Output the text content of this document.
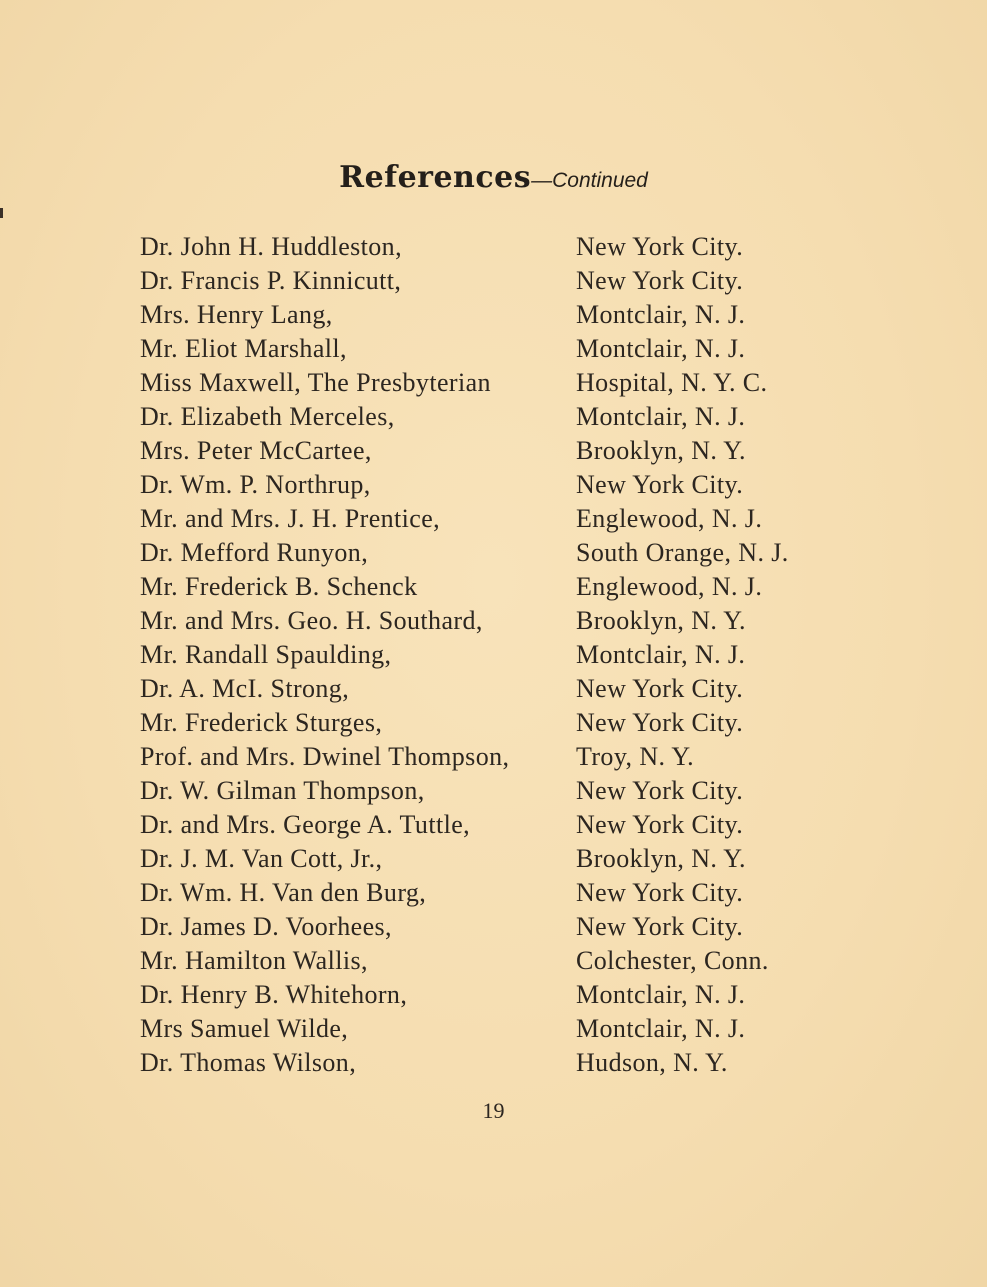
References—Continued
Dr. John H. Huddleston,	New York City.
Dr. Francis P. Kinnicutt,	New York City.
Mrs. Henry Lang,	Montclair, N. J.
Mr. Eliot Marshall,	Montclair, N. J.
Miss Maxwell, The Presbyterian	Hospital, N. Y. C.
Dr. Elizabeth Merceles,	Montclair, N. J.
Mrs. Peter McCartee,	Brooklyn, N. Y.
Dr. Wm. P. Northrup,	New York City.
Mr. and Mrs. J. H. Prentice,	Englewood, N. J.
Dr. Mefford Runyon,	South Orange, N. J.
Mr. Frederick B. Schenck	Englewood, N. J.
Mr. and Mrs. Geo. H. Southard,	Brooklyn, N. Y.
Mr. Randall Spaulding,	Montclair, N. J.
Dr. A. McI. Strong,	New York City.
Mr. Frederick Sturges,	New York City.
Prof. and Mrs. Dwinel Thompson,	Troy, N. Y.
Dr. W. Gilman Thompson,	New York City.
Dr. and Mrs. George A. Tuttle,	New York City.
Dr. J. M. Van Cott, Jr.,	Brooklyn, N. Y.
Dr. Wm. H. Van den Burg,	New York City.
Dr. James D. Voorhees,	New York City.
Mr. Hamilton Wallis,	Colchester, Conn.
Dr. Henry B. Whitehorn,	Montclair, N. J.
Mrs Samuel Wilde,	Montclair, N. J.
Dr. Thomas Wilson,	Hudson, N. Y.
19
